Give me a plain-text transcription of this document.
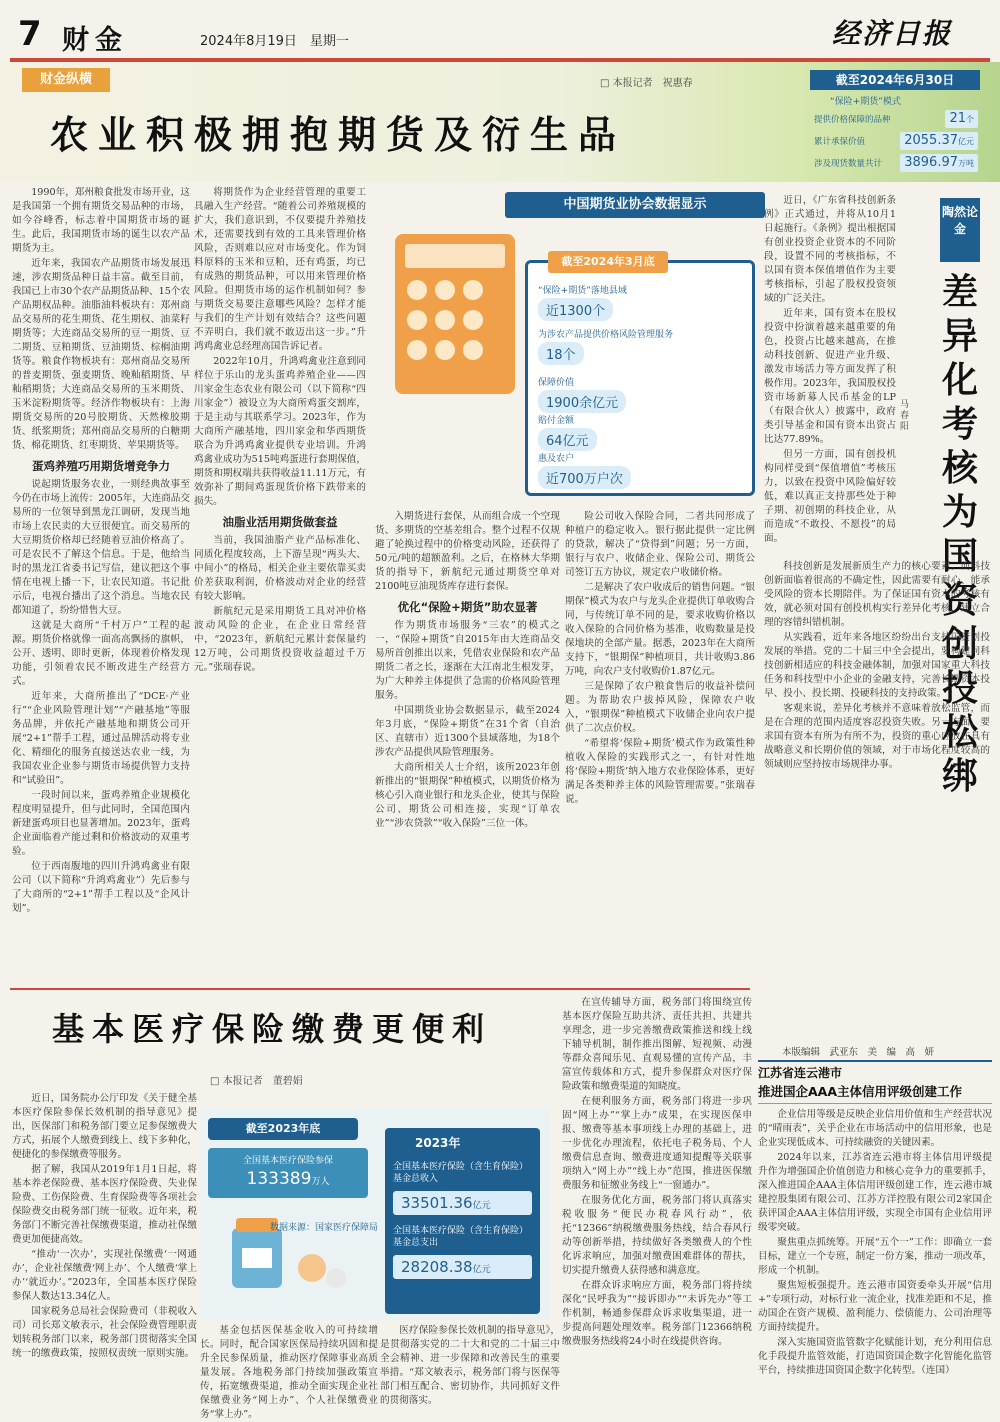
7 财金	2024年8月19日　星期一	经济日报
财金纵横	□ 本报记者　祝惠春
农业积极拥抱期货及衍生品
截至2024年6月30日
“保险+期货”模式
提供价格保障的品种	21个
累计承保价值	2055.37亿元
涉及现货数量共计	3896.97万吨

1990年，郑州粮食批发市场开业，这是我国第一个拥有期货交易品种的市场，如今谷峰香，标志着中国期货市场的诞生。此后，我国期货市场的诞生以农产品期货为主。

近年来，我国农产品期货市场发展迅速，涉农期货品种日益丰富。截至目前，我国已上市30个农产品期货品种、15个农产品期权品种。油脂油料板块有：郑州商品交易所的花生期货、花生期权、油菜籽期货等；大连商品交易所的豆一期货、豆二期货、豆粕期货、豆油期货、棕榈油期货等。粮食作物板块有：郑州商品交易所的普麦期货、强麦期货、晚籼稻期货、早籼稻期货；大连商品交易所的玉米期货、玉米淀粉期货等。经济作物板块有：上海期货交易所的20号胶期货、天然橡胶期货、纸浆期货；郑州商品交易所的白糖期货、棉花期货、红枣期货、苹果期货等。

蛋鸡养殖巧用期货增竞争力

说起期货服务农业，一则经典故事至今仍在市场上流传：2005年，大连商品交易所的一位领导到黑龙江调研，发现当地市场上农民卖的大豆很便宜。而交易所的大豆期货价格却已经随着豆油价格高了。可是农民不了解这个信息。于是，他给当时的黑龙江省委书记写信，建议把这个事情在电视上播一下，让农民知道。书记批示后，电视台播出了这个消息。当地农民都知道了，纷纷惜售大豆。

这就是大商所“千村万户”工程的起源。期货价格就像一面高高飘扬的旗帜，公开、透明、即时更新，体现着价格发现功能，引领着农民不断改进生产经营方式。

近年来，大商所推出了“DCE·产业行”“企业风险管理计划”“产融基地”等服务品牌，并依托产融基地和期货公司开展“2+1”帮手工程，通过品牌活动将专业化、精细化的服务直接送达农业一线，为我国农业企业参与期货市场提供智力支持和“试验田”。

一段时间以来，蛋鸡养殖企业规模化程度明显提升，但与此同时，全国范围内新建蛋鸡项目也显著增加。2023年，蛋鸡企业面临着产能过剩和价格波动的双重考验。

位于西南腹地的四川升鸿鸡禽业有限公司（以下简称“升鸿鸡禽业”）先后参与了大商所的“2+1”帮手工程以及“企风计划”。

将期货作为企业经营管理的重要工具融入生产经营。“随着公司养殖规模的扩大，我们意识到，不仅要提升养殖技术，还需要找到有效的工具来管理价格风险，否则难以应对市场变化。作为饲料原料的玉米和豆粕，还有鸡蛋，均已有成熟的期货品种，可以用来管理价格风险。但期货市场的运作机制如何？参与期货交易要注意哪些风险？怎样才能与我们的生产计划有效结合？这些问题不弄明白，我们就不敢迈出这一步。”升鸿鸡禽业总经理高国告诉记者。

2022年10月，升鸿鸡禽业注意到同样位于乐山的龙头蛋鸡养殖企业——四川家金生态农业有限公司（以下简称“四川家金”）被设立为大商所鸡蛋交割库，于是主动与其联系学习。2023年，作为大商所产融基地，四川家金和华西期货联合为升鸿鸡禽业提供专业培训。升鸿鸡禽业成功为515吨鸡蛋进行套期保值，期货和期权端共获得收益11.11万元，有效弥补了期间鸡蛋现货价格下跌带来的损失。

油脂业活用期货做套益

当前，我国油脂产业产品标准化、同质化程度较高，上下游呈现“两头大、中间小”的格局，相关企业主要依靠买卖价差获取利润，价格波动对企业的经营有较大影响。

新航纪元是采用期货工具对冲价格波动风险的企业，在企业日常经营中，“2023年，新航纪元累计套保量约12万吨，公司期货投资收益超过千万元。”张瑞春说。

中国期货业协会数据显示
截至2024年3月底
“保险+期货”落地县域
近1300个
为涉农产品提供价格风险管理服务
18个
保障价值
1900余亿元
赔付金额
64亿元
惠及农户
近700万户次

入期货进行套保，从而组合成一个空现货、多期货的空基差组合。整个过程不仅规避了轮换过程中的价格变动风险，还获得了50元/吨的超额盈利。之后，在格林大华期货的指导下，新航纪元通过期货空单对2100吨豆油现货库存进行套保。

优化“保险+期货”助农显著

作为期货市场服务“三农”的模式之一，“保险+期货”自2015年由大连商品交易所首创推出以来，凭借农业保险和农产品期货二者之长，逐渐在大江南北生根发芽，为广大种养主体提供了急需的价格风险管理服务。

中国期货业协会数据显示，截至2024年3月底，“保险+期货”在31个省（自治区、直辖市）近1300个县域落地，为18个涉农产品提供风险管理服务。

大商所相关人士介绍，该所2023年创新推出的“银期保”种植模式，以期货价格为核心引入商业银行和龙头企业，使其与保险公司、期货公司相连接，实现“订单农业”“涉农贷款”“收入保险”三位一体。

险公司收入保险合同，二者共同形成了种植户的稳定收入。银行据此提供一定比例的贷款，解决了“贷得到”问题；另一方面，银行与农户、收储企业、保险公司、期货公司签订五方协议，规定农户收储价格。

二是解决了农户收成后的销售问题。“银期保”模式为农户与龙头企业提供订单收购合同，与传统订单不同的是，要求收购价格以收入保险的合同价格为基准，收购数量是投保地块的全部产量。据悉，2023年在大商所支持下，“银期保”种植项目，共计收购3.86万吨，向农户支付收购价1.87亿元。

三是保障了农户粮食售后的收益补偿问题。为帮助农户拔掉风险，保障农户收入，“银期保”种植模式下收储企业向农户提供了二次点价权。

“希望将‘保险+期货’模式作为政策性种植收入保险的实践形式之一，有针对性地将‘保险+期货’纳入地方农业保险体系，更好满足各类种养主体的风险管理需要。”张瑞春说。

陶然论金
差异化考核为国资创投松绑
马春阳

近日，《广东省科技创新条例》正式通过，并将从10月1日起施行。《条例》提出根据国有创业投资企业资本的不同阶段，设置不同的考核指标，不以国有资本保值增值作为主要考核指标，引起了股权投资领域的广泛关注。

近年来，国有资本在股权投资中扮演着越来越重要的角色，投资占比越来越高，在推动科技创新、促进产业升级、激发市场活力等方面发挥了积极作用。2023年，我国股权投资市场新募人民币基金的LP（有限合伙人）披露中，政府类引导基金和国有资本出资占比达77.89%。

但另一方面，国有创投机构同样受到“保值增值”考核压力，以致在投资中风险偏好较低，难以真正支持那些处于种子期、初创期的科技企业，从而造成“不敢投、不愿投”的局面。

科技创新是发展新质生产力的核心要素。而科技创新面临着很高的不确定性，因此需要有耐心、能承受风险的资本长期陪伴。为了保证国有资本的考核有效，就必须对国有创投机构实行差异化考核，建立合理的容错纠错机制。

从实践看，近年来各地区纷纷出台支持国资创投发展的举措。党的二十届三中全会提出，要构建同科技创新相适应的科技金融体制，加强对国家重大科技任务和科技型中小企业的金融支持，完善长期资本投早、投小、投长期、投硬科技的支持政策。

客观来说，差异化考核并不意味着放松监管，而是在合理的范围内适度容忍投资失败。另一方面，要求国有资本有所为有所不为，投资的重心应放在具有战略意义和长期价值的领域，对于市场化程度较高的领域则应坚持按市场规律办事。

基本医疗保险缴费更便利
□ 本报记者　董碧娟

近日，国务院办公厅印发《关于健全基本医疗保险参保长效机制的指导意见》提出，医保部门和税务部门要立足参保缴费大方式，拓展个人缴费到线上、线下多种化，便捷化的参保缴费等服务。

据了解，我国从2019年1月1日起，将基本养老保险费、基本医疗保险费、失业保险费、工伤保险费、生育保险费等各项社会保险费交由税务部门统一征收。近年来，税务部门不断完善社保缴费渠道，推动社保缴费更加便捷高效。

“推动‘一次办’，实现社保缴费‘一网通办’，企业社保缴费‘网上办’、个人缴费‘掌上办’‘就近办’。”2023年，全国基本医疗保险参保人数达13.34亿人。

国家税务总局社会保险费司（非税收入司）司长郑文敏表示，社会保险费管理职责划转税务部门以来，税务部门贯彻落实全国统一的缴费政策，按照权责统一原则实施。

截至2023年底
全国基本医疗保险参保
133389万人
数据来源：国家医疗保障局
2023年
全国基本医疗保险（含生育保险）基金总收入
33501.36亿元
全国基本医疗保险（含生育保险）基金总支出
28208.38亿元

基金包括医保基金收入的可持续增长。同时，配合国家医保局持续巩固和提升全民参保质量，推动医疗保障事业高质量发展。各地税务部门持续加强政策宣传，拓宽缴费渠道，推动全面实现企业社保缴费业务“网上办”、个人社保缴费业务“掌上办”。

医疗保险参保长效机制的指导意见》，是贯彻落实党的二十大和党的二十届三中全会精神、进一步保障和改善民生的重要举措。“郑文敏表示，税务部门将与医保等部门相互配合、密切协作，共同抓好文件的贯彻落实。

在宣传辅导方面，税务部门将围绕宣传基本医疗保险互助共济、责任共担、共建共享理念，进一步完善缴费政策推送和线上线下辅导机制，制作推出图解、短视频、动漫等群众喜闻乐见、直观易懂的宣传产品，丰富宣传载体和方式，提升参保群众对医疗保险政策和缴费渠道的知晓度。

在便利服务方面，税务部门将进一步巩固“网上办”“掌上办”成果，在实现医保申报、缴费等基本事项线上办理的基础上，进一步优化办理流程，依托电子税务局、个人缴费信息查询、缴费进度通知提醒等关联事项纳入“网上办”“线上办”范围，推进医保缴费服务和征缴业务线上“一窗通办”。

在服务优化方面，税务部门将认真落实税收服务“便民办税春风行动”，依托“12366”纳税缴费服务热线，结合春风行动等创新举措，持续做好各类缴费人的个性化诉求响应，加强对缴费困难群体的帮扶，切实提升缴费人获得感和满意度。

在群众诉求响应方面，税务部门将持续深化“民呼我为”“接诉即办”“未诉先办”等工作机制，畅通参保群众诉求收集渠道，进一步提高问题处理效率。税务部门12366纳税缴费服务热线将24小时在线提供咨询。

本版编辑　武亚东　美　编　高　妍
江苏省连云港市
推进国企AAA主体信用评级创建工作

企业信用等级是反映企业信用价值和生产经营状况的“晴雨表”，关乎企业在市场活动中的信用形象，也是企业实现低成本、可持续融资的关键因素。

2024年以来，江苏省连云港市将主体信用评级提升作为增强国企价值创造力和核心竞争力的重要抓手，深入推进国企AAA主体信用评级创建工作，连云港市城建控股集团有限公司、江苏方洋控股有限公司2家国企获评国企AAA主体信用评级，实现全市国有企业信用评级零突破。

聚焦重点抓统筹。开展“五个一”工作：即确立一套目标，建立一个专班，制定一份方案，推动一项改革，形成一个机制。

聚焦短板强提升。连云港市国资委牵头开展“信用+”专项行动，对标行业一流企业，找准差距和不足，推动国企在资产规模、盈利能力、偿债能力、公司治理等方面持续提升。

深入实施国资监管数字化赋能计划，充分利用信息化手段提升监管效能，打造国资国企数字化智能化监管平台，持续推进国资国企数字化转型。（连国）
